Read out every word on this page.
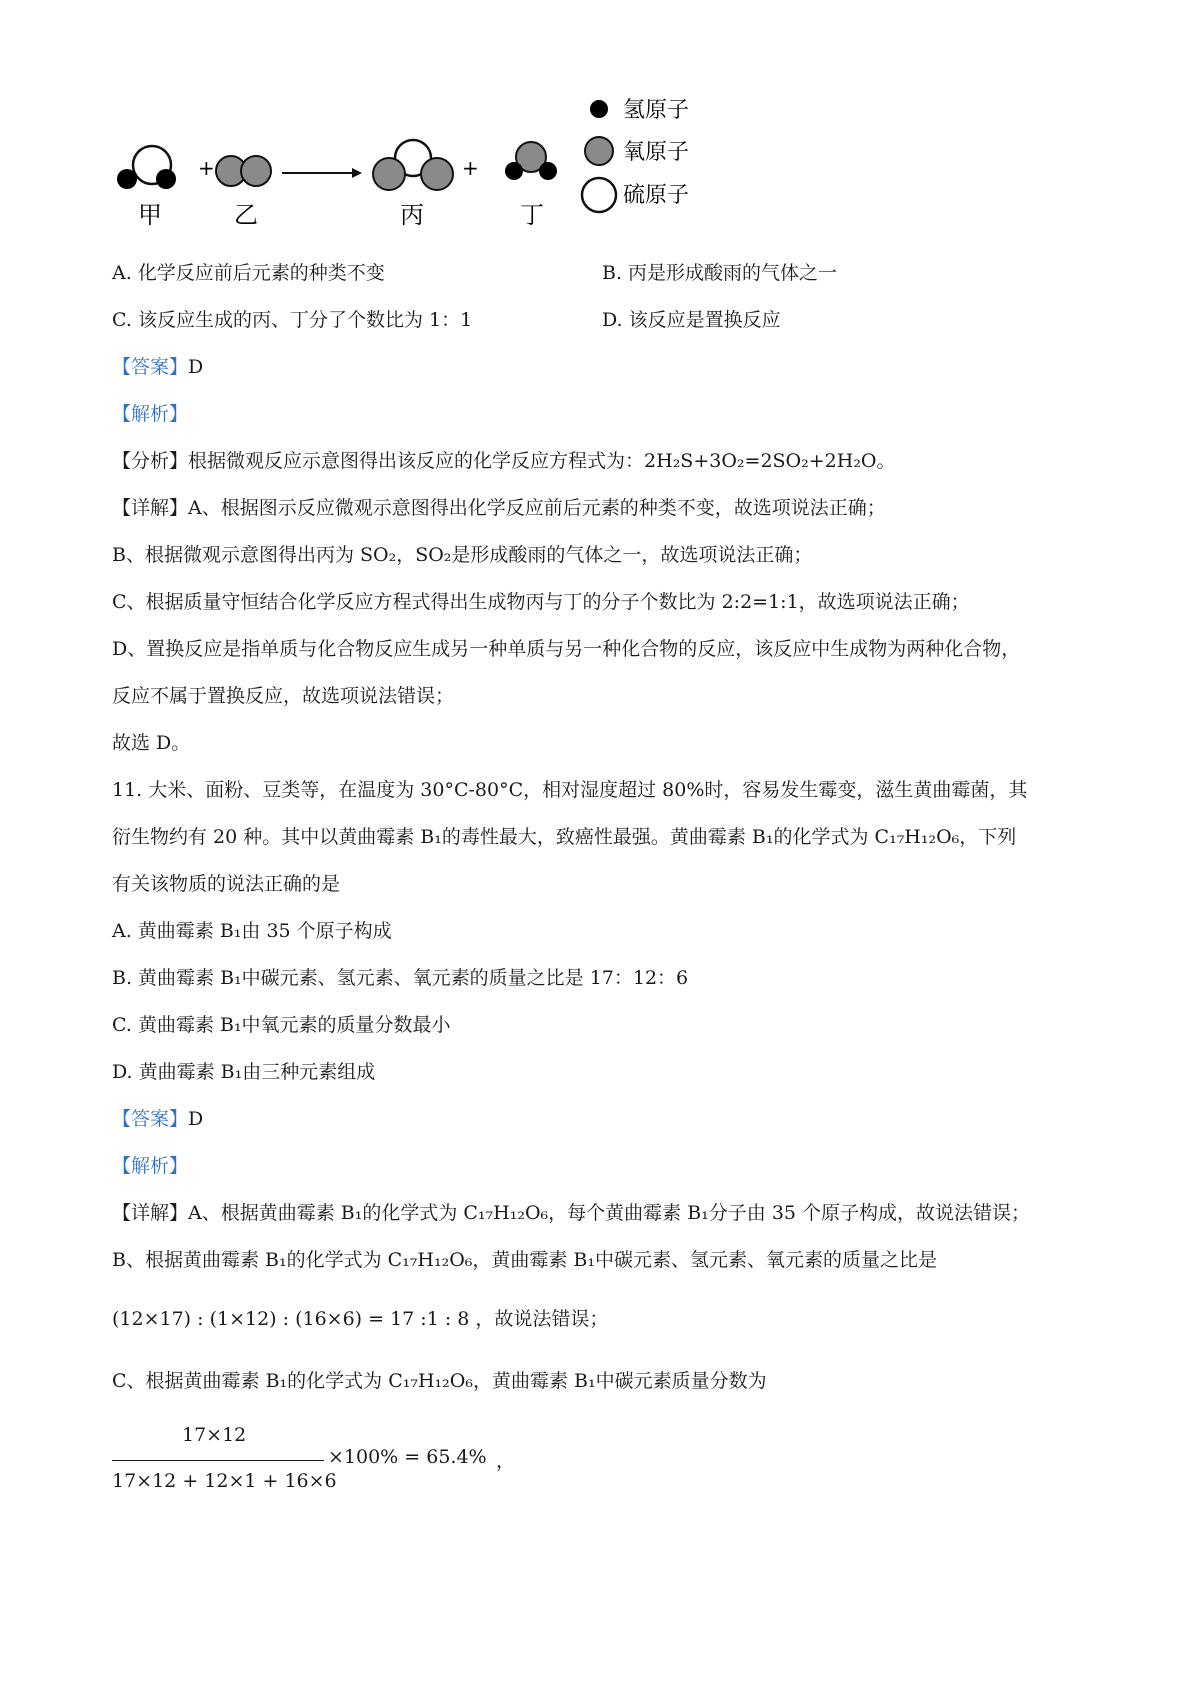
+	+
甲	乙	丙	丁
氢原子
氧原子
硫原子
A. 化学反应前后元素的种类不变	B. 丙是形成酸雨的气体之一
C. 该反应生成的丙、丁分了个数比为 1：1	D. 该反应是置换反应
【答案】D
【解析】
【分析】根据微观反应示意图得出该反应的化学反应方程式为：2H₂S+3O₂=2SO₂+2H₂O。
【详解】A、根据图示反应微观示意图得出化学反应前后元素的种类不变，故选项说法正确；
B、根据微观示意图得出丙为 SO₂，SO₂是形成酸雨的气体之一，故选项说法正确；
C、根据质量守恒结合化学反应方程式得出生成物丙与丁的分子个数比为 2:2=1:1，故选项说法正确；
D、置换反应是指单质与化合物反应生成另一种单质与另一种化合物的反应，该反应中生成物为两种化合物，
反应不属于置换反应，故选项说法错误；
故选 D。
11. 大米、面粉、豆类等，在温度为 30°C-80°C，相对湿度超过 80%时，容易发生霉变，滋生黄曲霉菌，其
衍生物约有 20 种。其中以黄曲霉素 B₁的毒性最大，致癌性最强。黄曲霉素 B₁的化学式为 C₁₇H₁₂O₆，下列
有关该物质的说法正确的是
A. 黄曲霉素 B₁由 35 个原子构成
B. 黄曲霉素 B₁中碳元素、氢元素、氧元素的质量之比是 17：12：6
C. 黄曲霉素 B₁中氧元素的质量分数最小
D. 黄曲霉素 B₁由三种元素组成
【答案】D
【解析】
【详解】A、根据黄曲霉素 B₁的化学式为 C₁₇H₁₂O₆，每个黄曲霉素 B₁分子由 35 个原子构成，故说法错误；
B、根据黄曲霉素 B₁的化学式为 C₁₇H₁₂O₆，黄曲霉素 B₁中碳元素、氢元素、氧元素的质量之比是
(12×17) : (1×12) : (16×6) = 17 :1 : 8 ，故说法错误；
C、根据黄曲霉素 B₁的化学式为 C₁₇H₁₂O₆，黄曲霉素 B₁中碳元素质量分数为
17×12
17×12 + 12×1 + 16×6
×100% = 65.4% ，
